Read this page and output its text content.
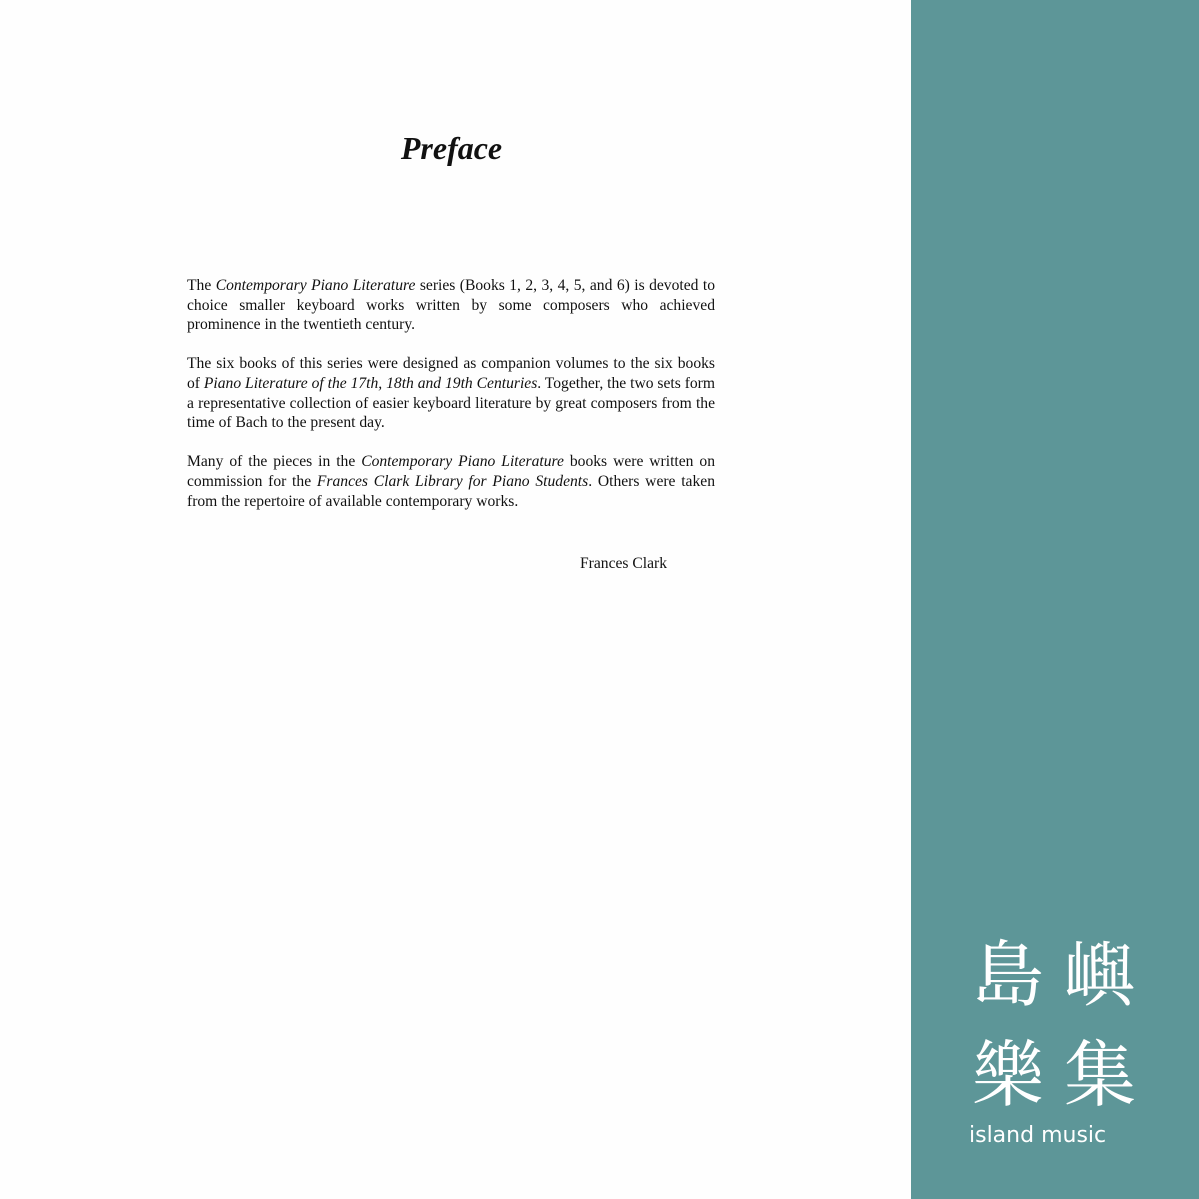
Preface

The Contemporary Piano Literature series (Books 1, 2, 3, 4, 5, and 6) is devoted to choice smaller keyboard works written by some composers who achieved prominence in the twentieth century.

The six books of this series were designed as companion volumes to the six books of Piano Literature of the 17th, 18th and 19th Centuries. Together, the two sets form a representative collection of easier keyboard literature by great composers from the time of Bach to the present day.

Many of the pieces in the Contemporary Piano Literature books were written on commission for the Frances Clark Library for Piano Students. Others were taken from the repertoire of available contemporary works.

Frances Clark
島 嶼
樂 集
island music
